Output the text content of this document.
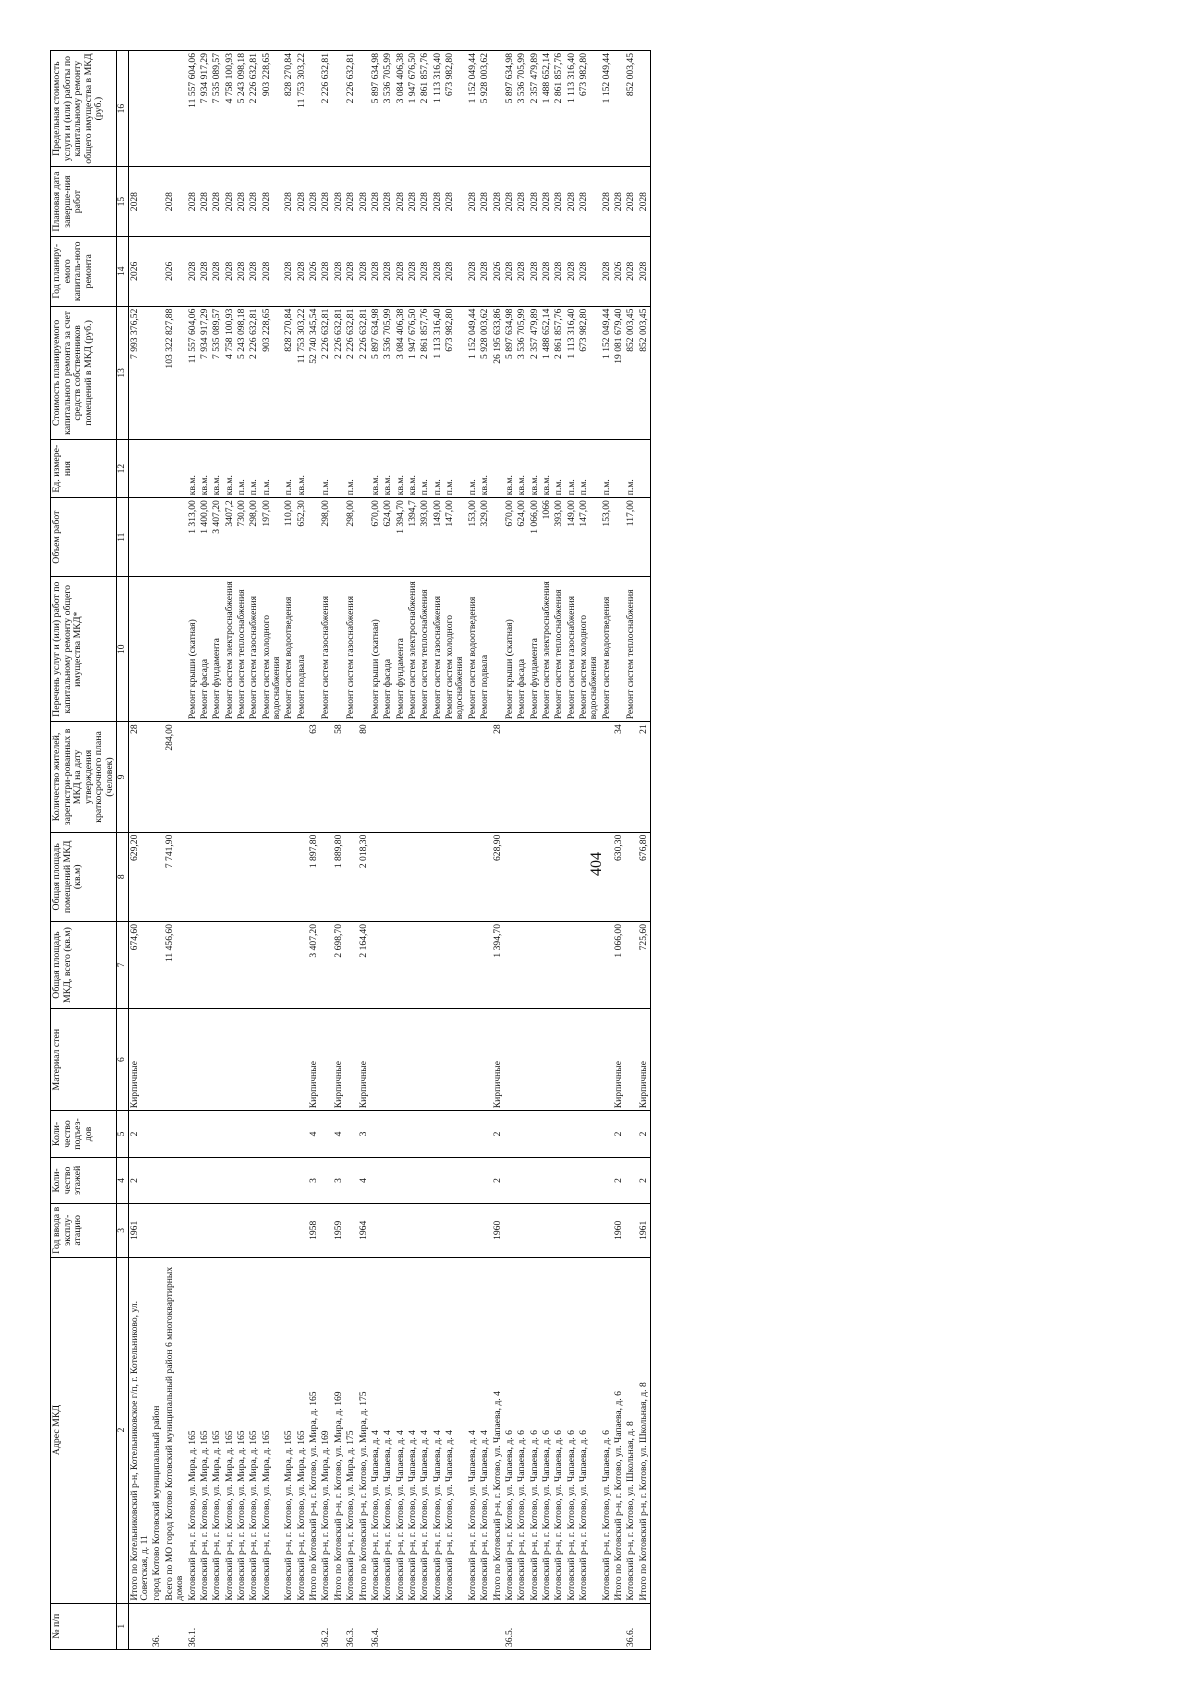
404
№ п/п	Адрес МКД	Год ввода в эксплу-атацию	Коли-чество этажей	Коли-чество подъез-дов	Материал стен	Общая площадь МКД, всего (кв.м)	Общая площадь помещений МКД (кв.м)	Количество жителей, зарегистри-рованных в МКД на дату утверждения краткосрочного плана (человек)	Перечень услуг и (или) работ по капитальному ремонту общего имущества МКД*	Объем работ	Ед. измере-ния	Стоимость планируемого капитального ремонта за счет средств собственников помещений в МКД (руб.)	Год планиру-емого капиталь-ного ремонта	Плановая дата заверше-ния работ	Предельная стоимость услуги и (или) работы по капитальному ремонту общего имущества в МКД (руб.)
1	2	3	4	5	6	7	8	9	10	11	12	13	14	15	16
	Итого по Котельниковский р-н, Котельниковское г/п, г. Котельниково, ул. Советская, д. 11	1961	2	2	Кирпичные	674,60	629,20	28				7 993 376,52	2026	2028	
36.	город Котово Котовский муниципальный район														
	Всего по МО город Котово Котовский муниципальный район 6 многоквартирных домов					11 456,60	7 741,90	284,00				103 322 827,88	2026	2028	
36.1.	Котовский р-н, г. Котово, ул. Мира, д. 165								Ремонт крыши (скатная)	1 313,00	кв.м.	11 557 604,06	2028	2028	11 557 604,06
	Котовский р-н, г. Котово, ул. Мира, д. 165								Ремонт фасада	1 400,00	кв.м.	7 934 917,29	2028	2028	7 934 917,29
	Котовский р-н, г. Котово, ул. Мира, д. 165								Ремонт фундамента	3 407,20	кв.м.	7 535 089,57	2028	2028	7 535 089,57
	Котовский р-н, г. Котово, ул. Мира, д. 165								Ремонт систем электроснабжения	3407,2	кв.м.	4 758 100,93	2028	2028	4 758 100,93
	Котовский р-н, г. Котово, ул. Мира, д. 165								Ремонт систем теплоснабжения	730,00	п.м.	5 243 098,18	2028	2028	5 243 098,18
	Котовский р-н, г. Котово, ул. Мира, д. 165								Ремонт систем газоснабжения	298,00	п.м.	2 226 632,81	2028	2028	2 226 632,81
	Котовский р-н, г. Котово, ул. Мира, д. 165								Ремонт систем холодного водоснабжения	197,00	п.м.	903 228,65	2028	2028	903 228,65
	Котовский р-н, г. Котово, ул. Мира, д. 165								Ремонт систем водоотведения	110,00	п.м.	828 270,84	2028	2028	828 270,84
	Котовский р-н, г. Котово, ул. Мира, д. 165								Ремонт подвала	652,30	кв.м.	11 753 303,22	2028	2028	11 753 303,22
	Итого по Котовский р-н, г. Котово, ул. Мира, д. 165	1958	3	4	Кирпичные	3 407,20	1 897,80	63				52 740 345,54	2026	2028	
36.2.	Котовский р-н, г. Котово, ул. Мира, д. 169								Ремонт систем газоснабжения	298,00	п.м.	2 226 632,81	2028	2028	2 226 632,81
	Итого по Котовский р-н, г. Котово, ул. Мира, д. 169	1959	3	4	Кирпичные	2 698,70	1 889,80	58				2 226 632,81	2028	2028	
36.3.	Котовский р-н, г. Котово, ул. Мира, д. 175								Ремонт систем газоснабжения	298,00	п.м.	2 226 632,81	2028	2028	2 226 632,81
	Итого по Котовский р-н, г. Котово, ул. Мира, д. 175	1964	4	3	Кирпичные	2 164,40	2 018,30	80				2 226 632,81	2028	2028	
36.4.	Котовский р-н, г. Котово, ул. Чапаева, д. 4								Ремонт крыши (скатная)	670,00	кв.м.	5 897 634,98	2028	2028	5 897 634,98
	Котовский р-н, г. Котово, ул. Чапаева, д. 4								Ремонт фасада	624,00	кв.м.	3 536 705,99	2028	2028	3 536 705,99
	Котовский р-н, г. Котово, ул. Чапаева, д. 4								Ремонт фундамента	1 394,70	кв.м.	3 084 406,38	2028	2028	3 084 406,38
	Котовский р-н, г. Котово, ул. Чапаева, д. 4								Ремонт систем электроснабжения	1394,7	кв.м.	1 947 676,50	2028	2028	1 947 676,50
	Котовский р-н, г. Котово, ул. Чапаева, д. 4								Ремонт систем теплоснабжения	393,00	п.м.	2 861 857,76	2028	2028	2 861 857,76
	Котовский р-н, г. Котово, ул. Чапаева, д. 4								Ремонт систем газоснабжения	149,00	п.м.	1 113 316,40	2028	2028	1 113 316,40
	Котовский р-н, г. Котово, ул. Чапаева, д. 4								Ремонт систем холодного водоснабжения	147,00	п.м.	673 982,80	2028	2028	673 982,80
	Котовский р-н, г. Котово, ул. Чапаева, д. 4								Ремонт систем водоотведения	153,00	п.м.	1 152 049,44	2028	2028	1 152 049,44
	Котовский р-н, г. Котово, ул. Чапаева, д. 4								Ремонт подвала	329,00	кв.м.	5 928 003,62	2028	2028	5 928 003,62
	Итого по Котовский р-н, г. Котово, ул. Чапаева, д. 4	1960	2	2	Кирпичные	1 394,70	628,90	28				26 195 633,86	2026	2028	
36.5.	Котовский р-н, г. Котово, ул. Чапаева, д. 6								Ремонт крыши (скатная)	670,00	кв.м.	5 897 634,98	2028	2028	5 897 634,98
	Котовский р-н, г. Котово, ул. Чапаева, д. 6								Ремонт фасада	624,00	кв.м.	3 536 705,99	2028	2028	3 536 705,99
	Котовский р-н, г. Котово, ул. Чапаева, д. 6								Ремонт фундамента	1 066,00	кв.м.	2 357 479,89	2028	2028	2 357 479,89
	Котовский р-н, г. Котово, ул. Чапаева, д. 6								Ремонт систем электроснабжения	1066	кв.м.	1 488 652,14	2028	2028	1 488 652,14
	Котовский р-н, г. Котово, ул. Чапаева, д. 6								Ремонт систем теплоснабжения	393,00	п.м.	2 861 857,76	2028	2028	2 861 857,76
	Котовский р-н, г. Котово, ул. Чапаева, д. 6								Ремонт систем газоснабжения	149,00	п.м.	1 113 316,40	2028	2028	1 113 316,40
	Котовский р-н, г. Котово, ул. Чапаева, д. 6								Ремонт систем холодного водоснабжения	147,00	п.м.	673 982,80	2028	2028	673 982,80
	Котовский р-н, г. Котово, ул. Чапаева, д. 6								Ремонт систем водоотведения	153,00	п.м.	1 152 049,44	2028	2028	1 152 049,44
	Итого по Котовский р-н, г. Котово, ул. Чапаева, д. 6	1960	2	2	Кирпичные	1 066,00	630,30	34				19 081 679,40	2026	2028	
36.6.	Котовский р-н, г. Котово, ул. Школьная, д. 8								Ремонт систем теплоснабжения	117,00	п.м.	852 003,45	2028	2028	852 003,45
	Итого по Котовский р-н, г. Котово, ул. Школьная, д. 8	1961	2	2	Кирпичные	725,60	676,80	21				852 003,45	2028	2028	
